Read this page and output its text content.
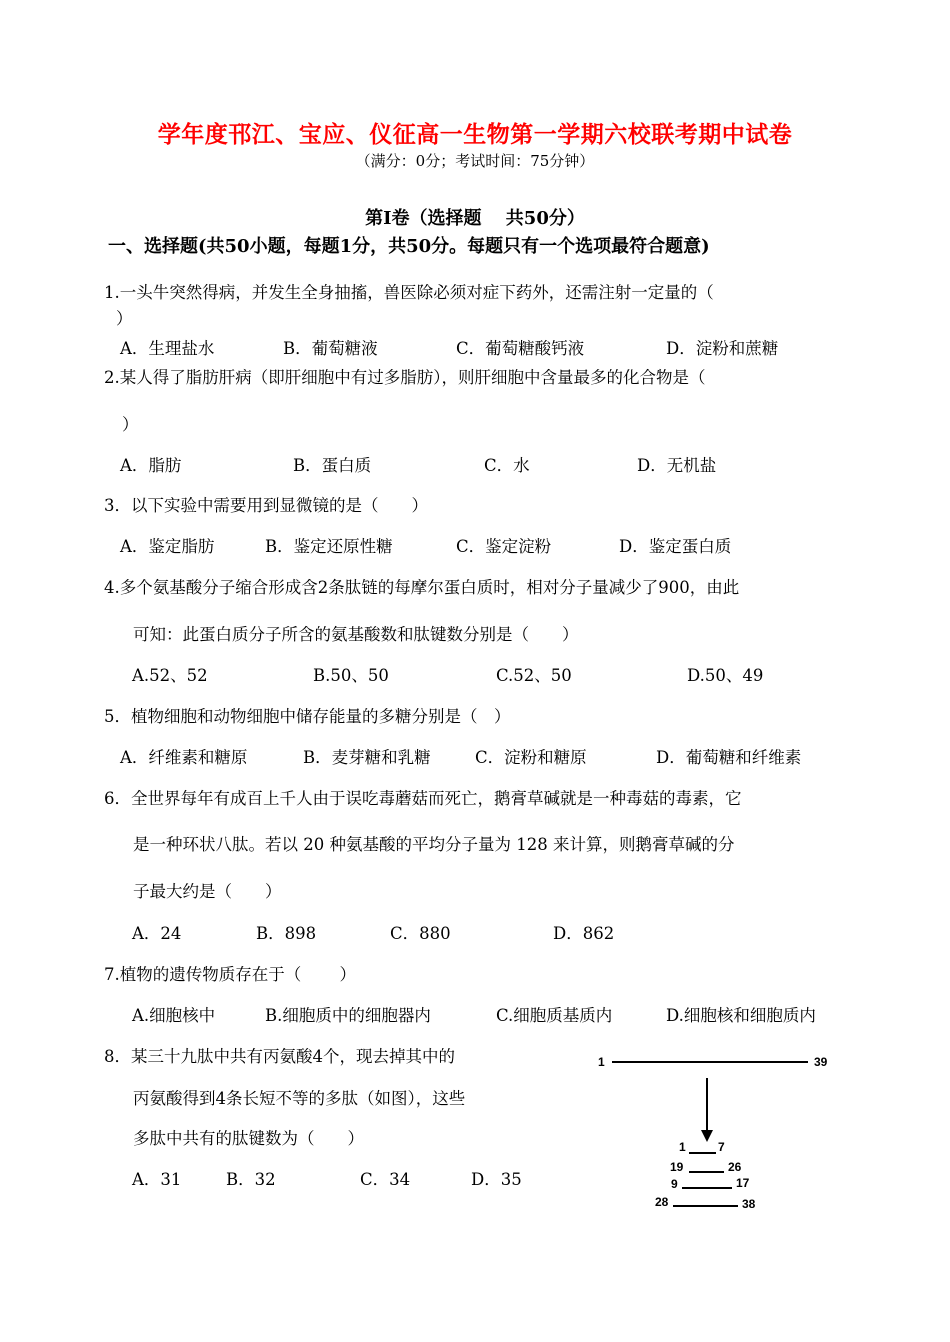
学年度邗江、宝应、仪征高一生物第一学期六校联考期中试卷
（满分：0分；考试时间：75分钟）
第Ⅰ卷（选择题　 共50分）
一、选择题(共50小题，每题1分，共50分。每题只有一个选项最符合题意)
1.一头牛突然得病，并发生全身抽搐，兽医除必须对症下药外，还需注射一定量的（
）
A．生理盐水	B．葡萄糖液	C．葡萄糖酸钙液	D．淀粉和蔗糖
2.某人得了脂肪肝病（即肝细胞中有过多脂肪），则肝细胞中含量最多的化合物是（
）
A．脂肪	B．蛋白质	C．水	D．无机盐
3．以下实验中需要用到显微镜的是（　　）
A．鉴定脂肪	B．鉴定还原性糖	C．鉴定淀粉	D．鉴定蛋白质
4.多个氨基酸分子缩合形成含2条肽链的每摩尔蛋白质时，相对分子量减少了900，由此
可知：此蛋白质分子所含的氨基酸数和肽键数分别是（　　）
A.52、52	B.50、50	C.52、50	D.50、49
5．植物细胞和动物细胞中储存能量的多糖分别是（　）
A．纤维素和糖原	B．麦芽糖和乳糖	C．淀粉和糖原	D．葡萄糖和纤维素
6．全世界每年有成百上千人由于误吃毒蘑菇而死亡，鹅膏草碱就是一种毒菇的毒素，它
是一种环状八肽。若以 20 种氨基酸的平均分子量为 128 来计算，则鹅膏草碱的分
子最大约是（　　）
A．24	B．898	C．880	D．862
7.植物的遗传物质存在于（　　 ）
A.细胞核中	B.细胞质中的细胞器内	C.细胞质基质内	D.细胞核和细胞质内
8．某三十九肽中共有丙氨酸4个，现去掉其中的
丙氨酸得到4条长短不等的多肽（如图），这些
多肽中共有的肽键数为（　　）
A．31	B．32	C．34	D．35
1	39
1	7
19	26
9	17
28	38
